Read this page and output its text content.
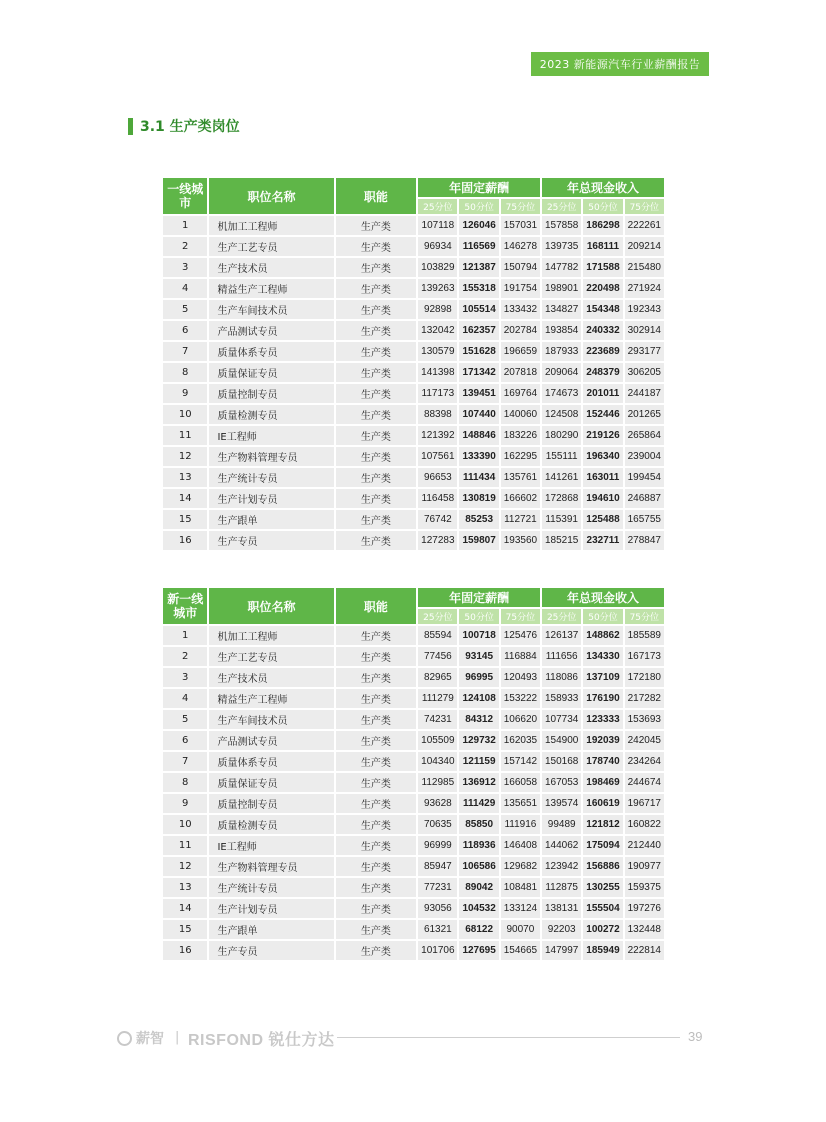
2023 新能源汽车行业薪酬报告
3.1 生产类岗位
一线城市	职位名称	职能	年固定薪酬			年总现金收入		
			25分位	50分位	75分位	25分位	50分位	75分位
1	机加工工程师	生产类	107118	126046	157031	157858	186298	222261
2	生产工艺专员	生产类	96934	116569	146278	139735	168111	209214
3	生产技术员	生产类	103829	121387	150794	147782	171588	215480
4	精益生产工程师	生产类	139263	155318	191754	198901	220498	271924
5	生产车间技术员	生产类	92898	105514	133432	134827	154348	192343
6	产品测试专员	生产类	132042	162357	202784	193854	240332	302914
7	质量体系专员	生产类	130579	151628	196659	187933	223689	293177
8	质量保证专员	生产类	141398	171342	207818	209064	248379	306205
9	质量控制专员	生产类	117173	139451	169764	174673	201011	244187
10	质量检测专员	生产类	88398	107440	140060	124508	152446	201265
11	IE工程师	生产类	121392	148846	183226	180290	219126	265864
12	生产物料管理专员	生产类	107561	133390	162295	155111	196340	239004
13	生产统计专员	生产类	96653	111434	135761	141261	163011	199454
14	生产计划专员	生产类	116458	130819	166602	172868	194610	246887
15	生产跟单	生产类	76742	85253	112721	115391	125488	165755
16	生产专员	生产类	127283	159807	193560	185215	232711	278847
新一线城市	职位名称	职能	年固定薪酬			年总现金收入		
			25分位	50分位	75分位	25分位	50分位	75分位
1	机加工工程师	生产类	85594	100718	125476	126137	148862	185589
2	生产工艺专员	生产类	77456	93145	116884	111656	134330	167173
3	生产技术员	生产类	82965	96995	120493	118086	137109	172180
4	精益生产工程师	生产类	111279	124108	153222	158933	176190	217282
5	生产车间技术员	生产类	74231	84312	106620	107734	123333	153693
6	产品测试专员	生产类	105509	129732	162035	154900	192039	242045
7	质量体系专员	生产类	104340	121159	157142	150168	178740	234264
8	质量保证专员	生产类	112985	136912	166058	167053	198469	244674
9	质量控制专员	生产类	93628	111429	135651	139574	160619	196717
10	质量检测专员	生产类	70635	85850	111916	99489	121812	160822
11	IE工程师	生产类	96999	118936	146408	144062	175094	212440
12	生产物料管理专员	生产类	85947	106586	129682	123942	156886	190977
13	生产统计专员	生产类	77231	89042	108481	112875	130255	159375
14	生产计划专员	生产类	93056	104532	133124	138131	155504	197276
15	生产跟单	生产类	61321	68122	90070	92203	100272	132448
16	生产专员	生产类	101706	127695	154665	147997	185949	222814
薪智 | RISFOND 锐仕方达	39
